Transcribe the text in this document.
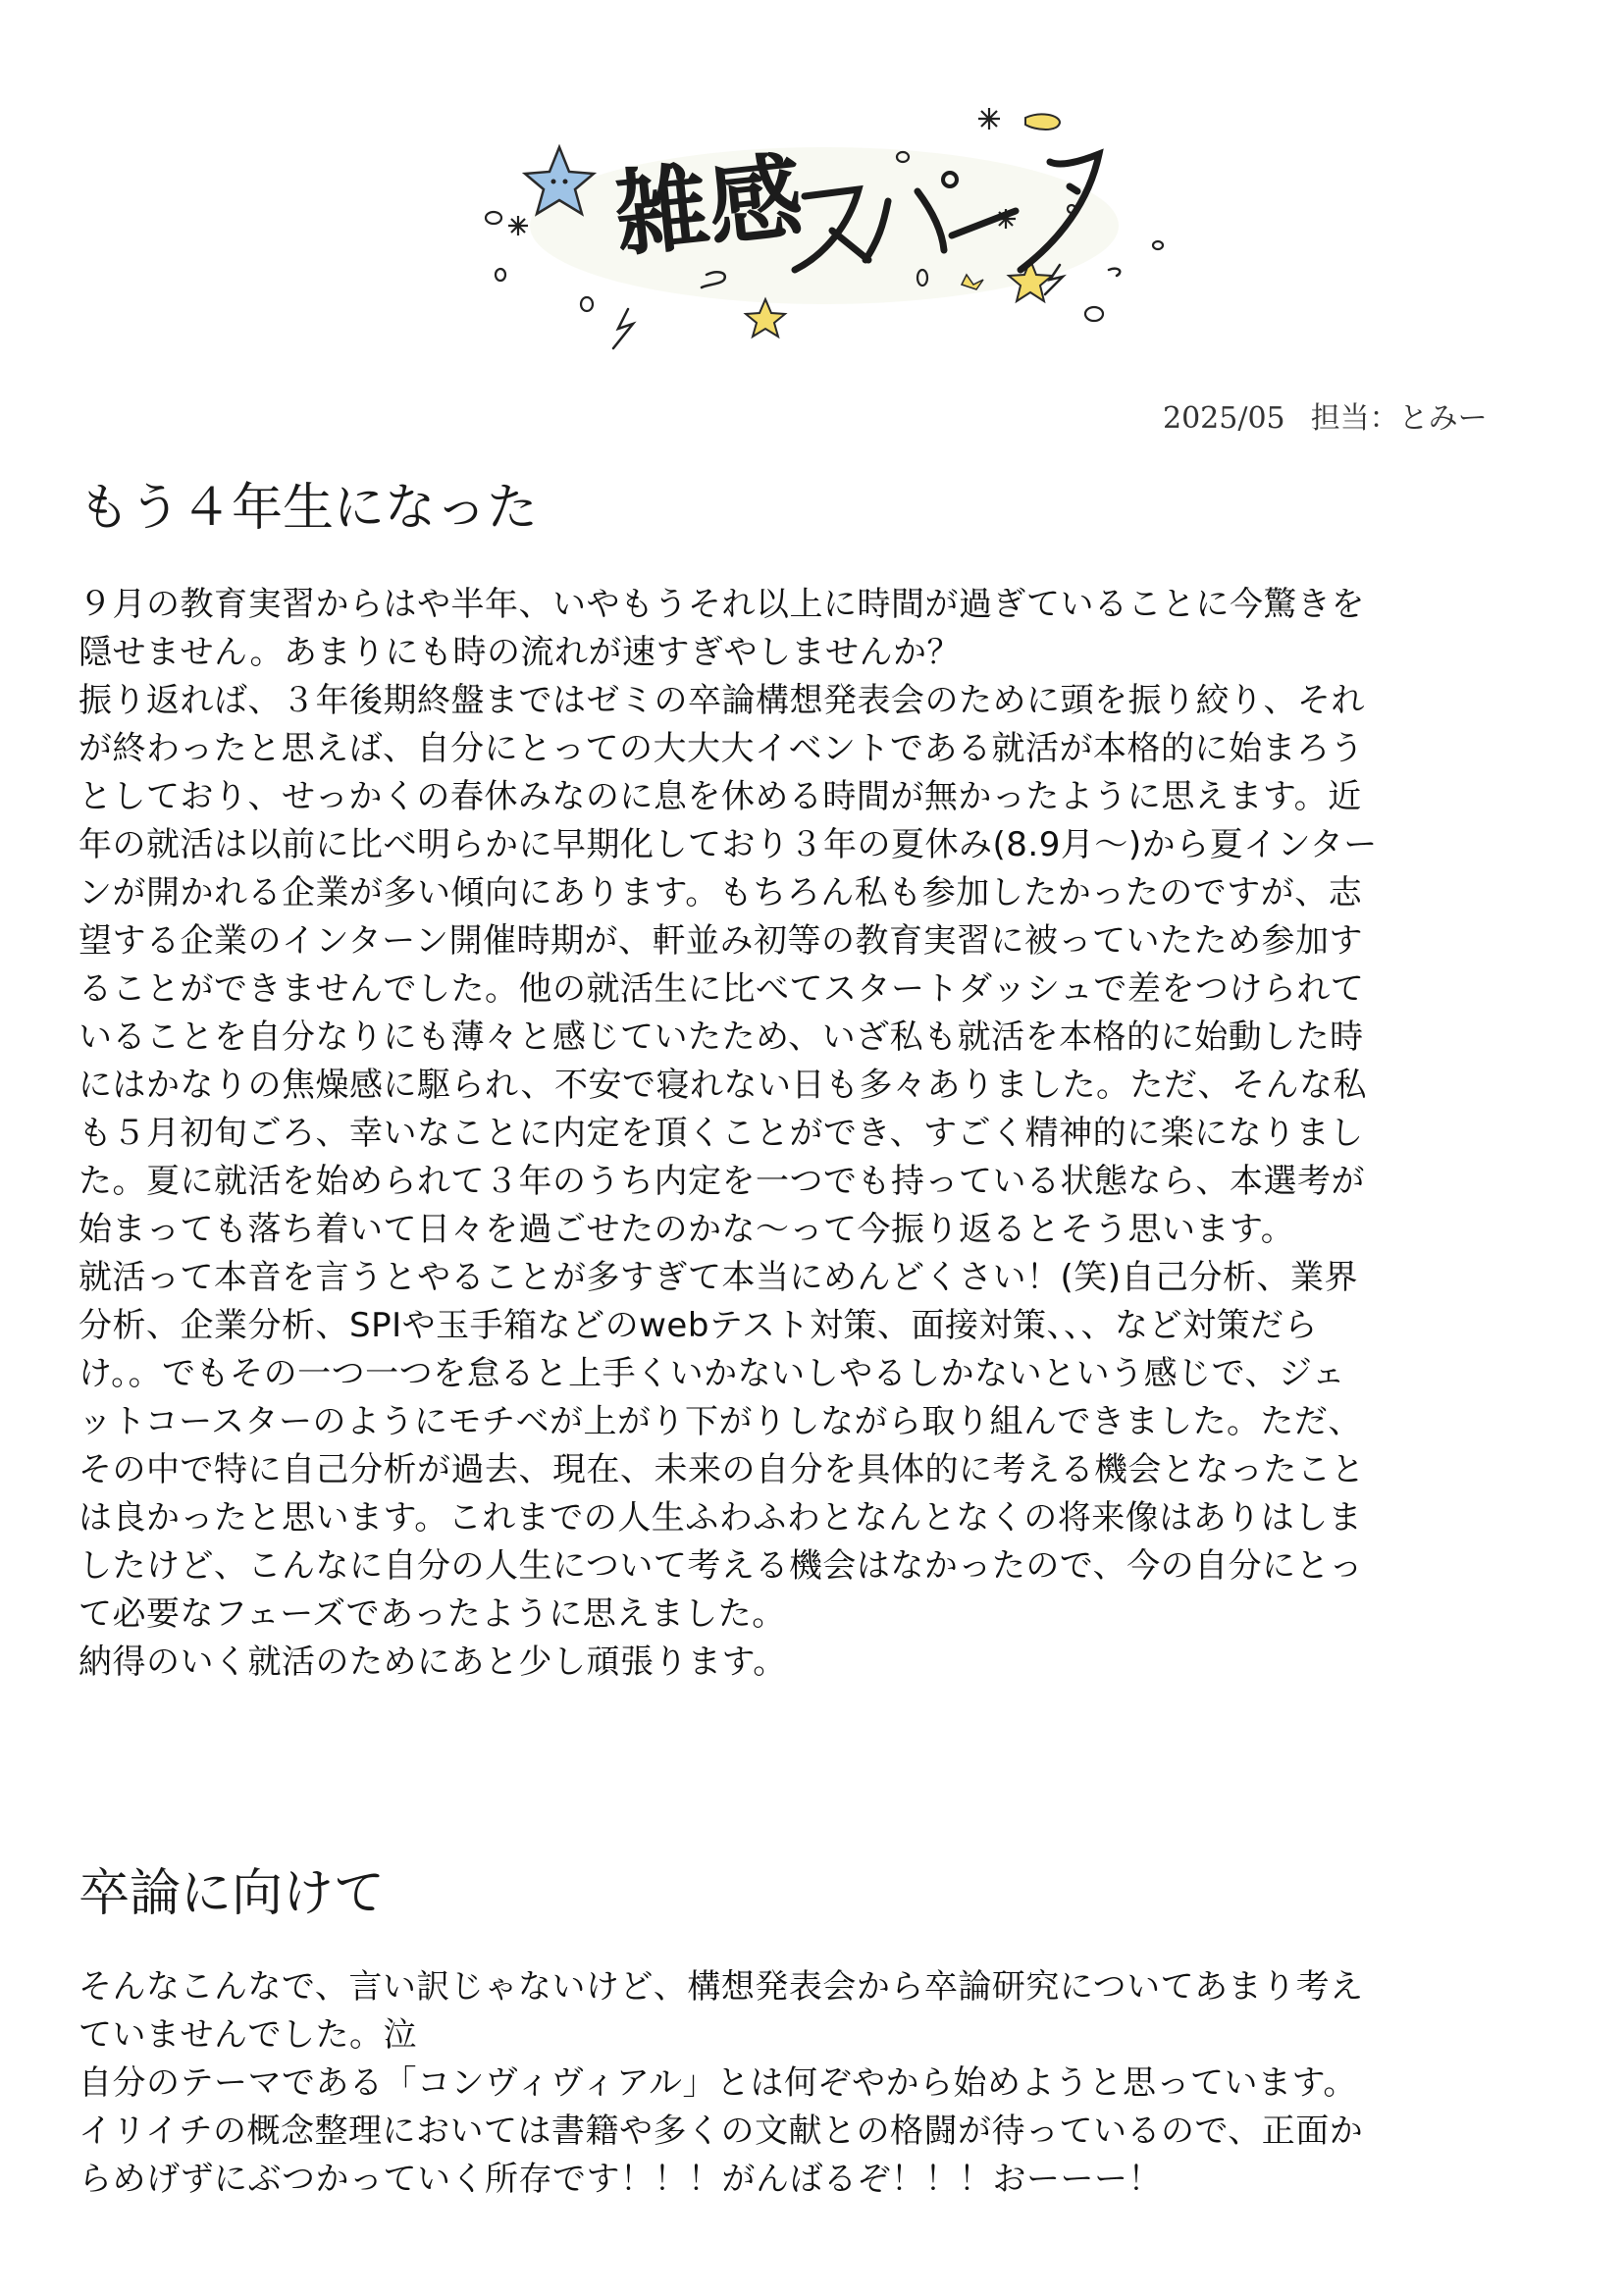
雑感
2025/05 担当：とみー
もう４年生になった

９月の教育実習からはや半年、いやもうそれ以上に時間が過ぎていることに今驚きを

隠せません。あまりにも時の流れが速すぎやしませんか？

振り返れば、３年後期終盤まではゼミの卒論構想発表会のために頭を振り絞り、それ

が終わったと思えば、自分にとっての大大大イベントである就活が本格的に始まろう

としており、せっかくの春休みなのに息を休める時間が無かったように思えます。近

年の就活は以前に比べ明らかに早期化しており３年の夏休み(8.9月〜)から夏インター

ンが開かれる企業が多い傾向にあります。もちろん私も参加したかったのですが、志

望する企業のインターン開催時期が、軒並み初等の教育実習に被っていたため参加す

ることができませんでした。他の就活生に比べてスタートダッシュで差をつけられて

いることを自分なりにも薄々と感じていたため、いざ私も就活を本格的に始動した時

にはかなりの焦燥感に駆られ、不安で寝れない日も多々ありました。ただ、そんな私

も５月初旬ごろ、幸いなことに内定を頂くことができ、すごく精神的に楽になりまし

た。夏に就活を始められて３年のうち内定を一つでも持っている状態なら、本選考が

始まっても落ち着いて日々を過ごせたのかな〜って今振り返るとそう思います。

就活って本音を言うとやることが多すぎて本当にめんどくさい！(笑)自己分析、業界

分析、企業分析、SPIや玉手箱などのwebテスト対策、面接対策、、、など対策だら

け。。でもその一つ一つを怠ると上手くいかないしやるしかないという感じで、ジェ

ットコースターのようにモチベが上がり下がりしながら取り組んできました。ただ、

その中で特に自己分析が過去、現在、未来の自分を具体的に考える機会となったこと

は良かったと思います。これまでの人生ふわふわとなんとなくの将来像はありはしま

したけど、こんなに自分の人生について考える機会はなかったので、今の自分にとっ

て必要なフェーズであったように思えました。

納得のいく就活のためにあと少し頑張ります。

卒論に向けて

そんなこんなで、言い訳じゃないけど、構想発表会から卒論研究についてあまり考え

ていませんでした。泣

自分のテーマである「コンヴィヴィアル」とは何ぞやから始めようと思っています。

イリイチの概念整理においては書籍や多くの文献との格闘が待っているので、正面か

らめげずにぶつかっていく所存です！！！がんばるぞ！！！おーーー！
